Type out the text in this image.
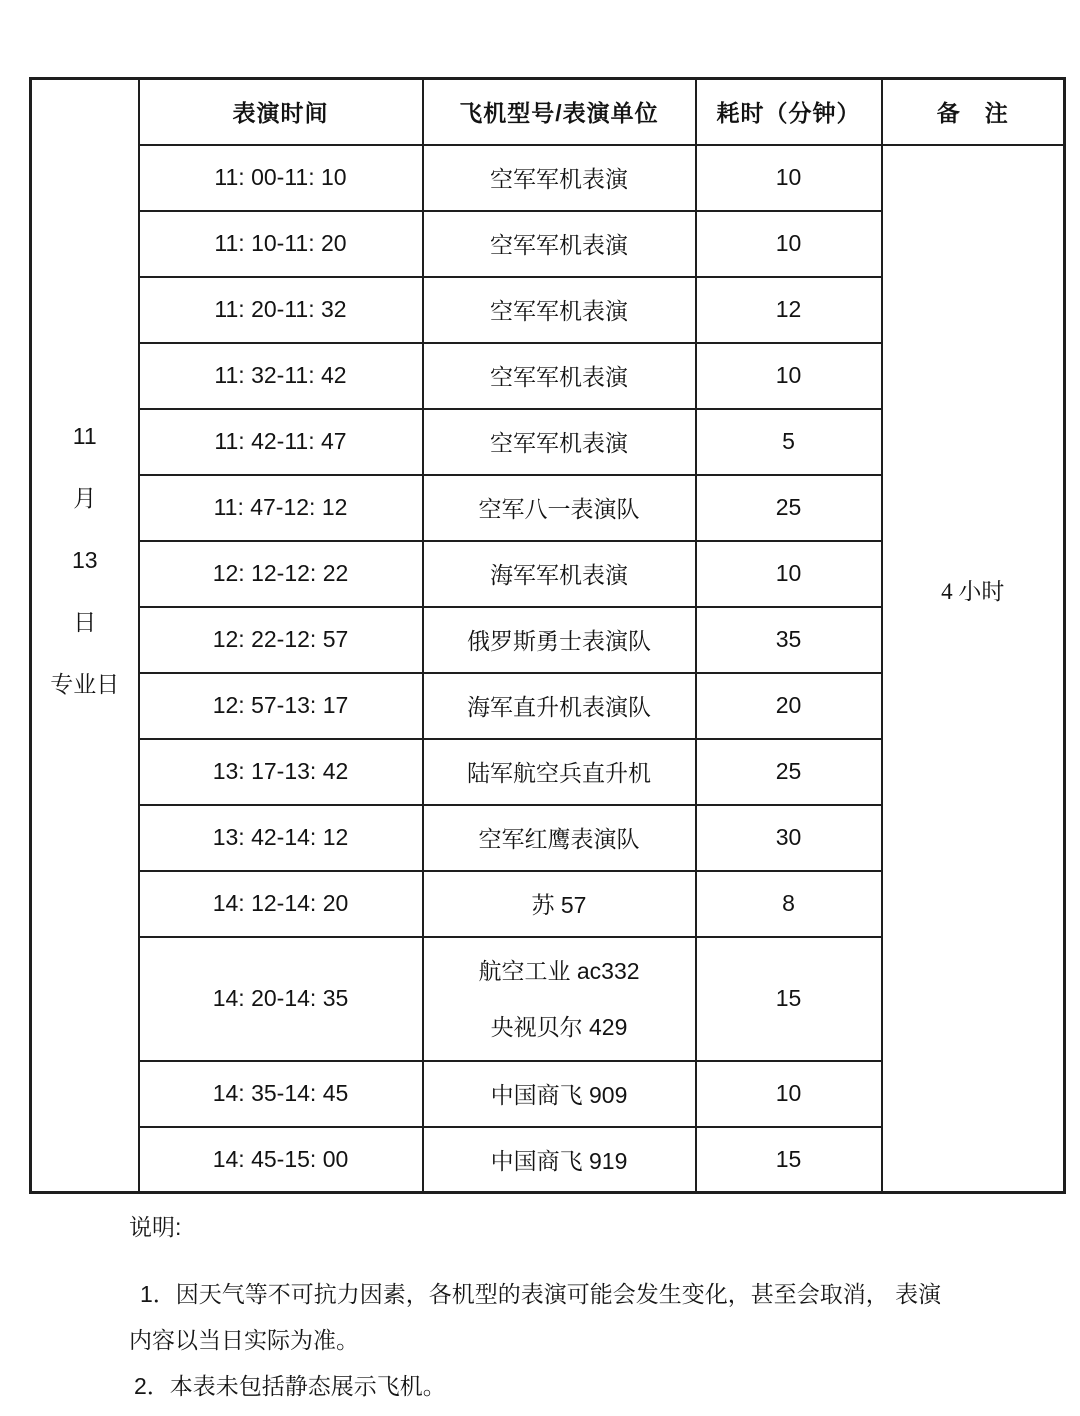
11
月
13
日
专业日	表演时间	飞机型号/表演单位	耗时（分钟）	备　注
	11: 00-11: 10	空军军机表演	10	4 小时

	11: 10-11: 20	空军军机表演	10	
	11: 20-11: 32	空军军机表演	12	
	11: 32-11: 42	空军军机表演	10	
	11: 42-11: 47	空军军机表演	5	
	11: 47-12: 12	空军八一表演队	25	
	12: 12-12: 22	海军军机表演	10	
	12: 22-12: 57	俄罗斯勇士表演队	35	
	12: 57-13: 17	海军直升机表演队	20	
	13: 17-13: 42	陆军航空兵直升机	25	
	13: 42-14: 12	空军红鹰表演队	30	
	14: 12-14: 20	苏 57	8	
	14: 20-14: 35	航空工业 ac332
央视贝尔 429	15	
	14: 35-14: 45	中国商飞 909	10	
	14: 45-15: 00	中国商飞 919	15	
说明:
1．因天气等不可抗力因素，各机型的表演可能会发生变化，甚至会取消， 表演
内容以当日实际为准。
2．本表未包括静态展示飞机。
